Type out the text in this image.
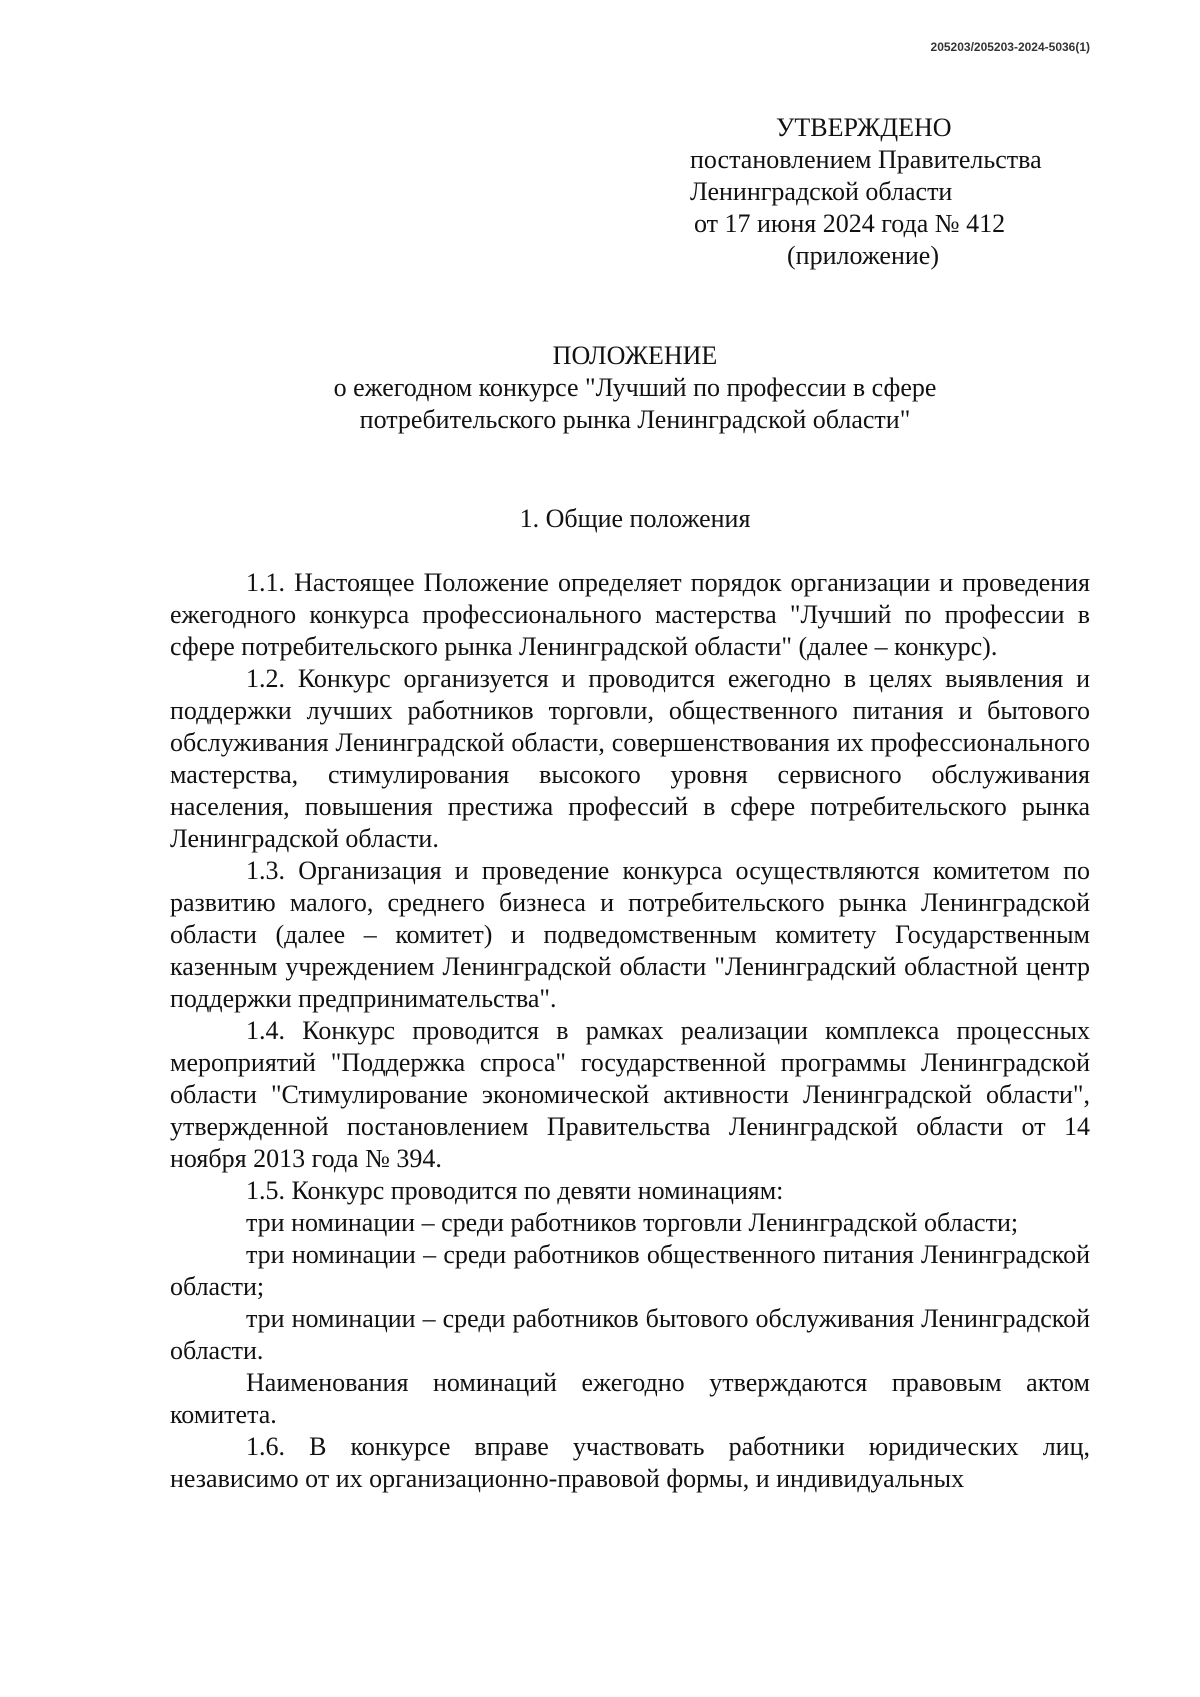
205203/205203-2024-5036(1)
УТВЕРЖДЕНО
постановлением Правительства
Ленинградской области
от 17 июня 2024 года № 412
(приложение)
ПОЛОЖЕНИЕ
о ежегодном конкурсе "Лучший по профессии в сфере
потребительского рынка Ленинградской области"
1. Общие положения

1.1. Настоящее Положение определяет порядок организации и проведения ежегодного конкурса профессионального мастерства "Лучший по профессии в сфере потребительского рынка Ленинградской области" (далее – конкурс).

1.2. Конкурс организуется и проводится ежегодно в целях выявления и поддержки лучших работников торговли, общественного питания и бытового обслуживания Ленинградской области, совершенствования их профессионального мастерства, стимулирования высокого уровня сервисного обслуживания населения, повышения престижа профессий в сфере потребительского рынка Ленинградской области.

1.3. Организация и проведение конкурса осуществляются комитетом по развитию малого, среднего бизнеса и потребительского рынка Ленинградской области (далее – комитет) и подведомственным комитету Государственным казенным учреждением Ленинградской области "Ленинградский областной центр поддержки предпринимательства".

1.4. Конкурс проводится в рамках реализации комплекса процессных мероприятий "Поддержка спроса" государственной программы Ленинградской области "Стимулирование экономической активности Ленинградской области", утвержденной постановлением Правительства Ленинградской области от 14 ноября 2013 года № 394.

1.5. Конкурс проводится по девяти номинациям:

три номинации – среди работников торговли Ленинградской области;

три номинации – среди работников общественного питания Ленинградской области;

три номинации – среди работников бытового обслуживания Ленинградской области.

Наименования номинаций ежегодно утверждаются правовым актом комитета.

1.6. В конкурсе вправе участвовать работники юридических лиц, независимо от их организационно-правовой формы, и индивидуальных
